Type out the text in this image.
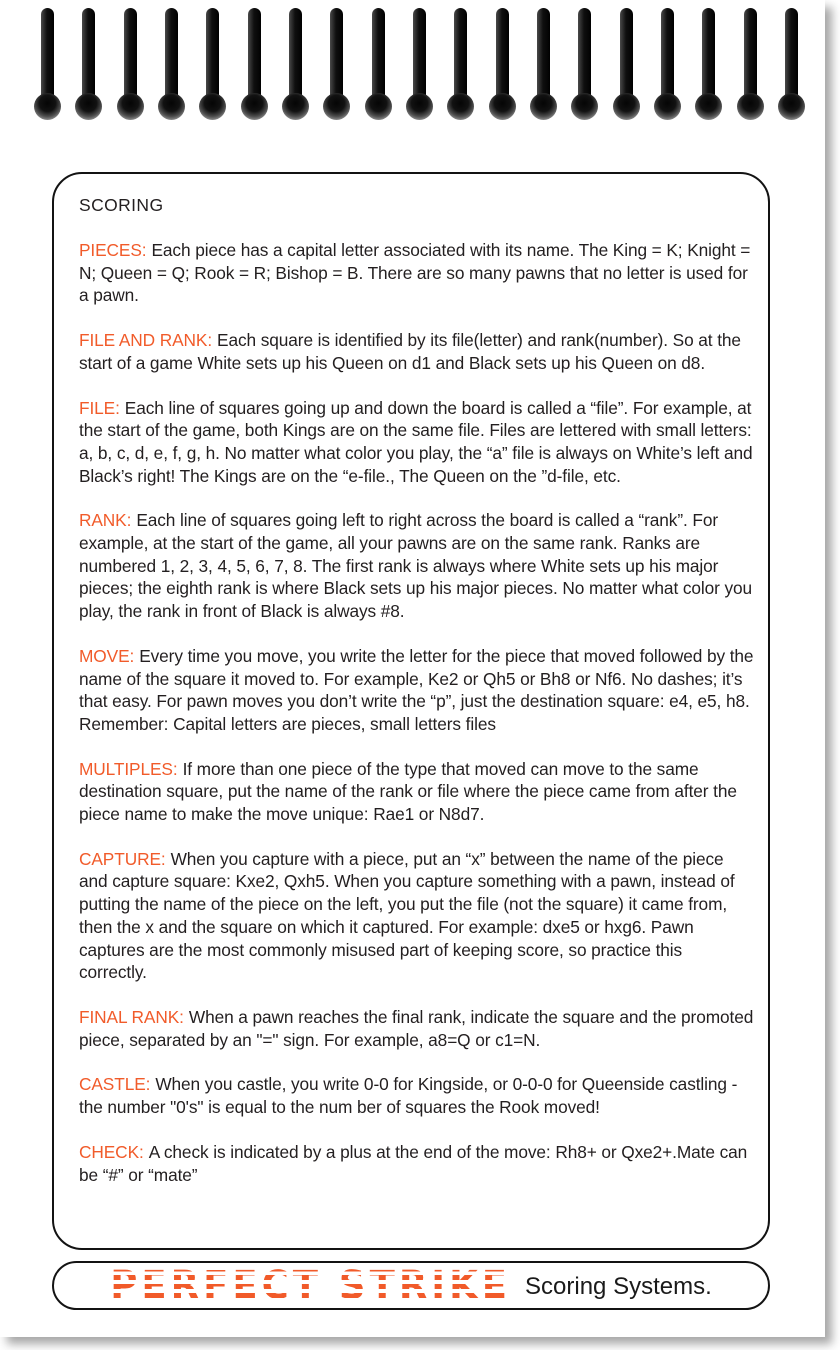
SCORING

PIECES: Each piece has a capital letter associated with its name. The King = K; Knight = N; Queen = Q; Rook = R; Bishop = B. There are so many pawns that no letter is used for a pawn.

FILE AND RANK: Each square is identified by its file(letter) and rank(number). So at the start of a game White sets up his Queen on d1 and Black sets up his Queen on d8.

FILE: Each line of squares going up and down the board is called a “file”. For example, at the start of the game, both Kings are on the same file. Files are lettered with small letters: a, b, c, d, e, f, g, h. No matter what color you play, the “a” file is always on White’s left and Black’s right! The Kings are on the “e-file., The Queen on the ”d-file, etc.

RANK: Each line of squares going left to right across the board is called a “rank”. For example, at the start of the game, all your pawns are on the same rank. Ranks are numbered 1, 2, 3, 4, 5, 6, 7, 8. The first rank is always where White sets up his major pieces; the eighth rank is where Black sets up his major pieces. No matter what color you play, the rank in front of Black is always #8.

MOVE: Every time you move, you write the letter for the piece that moved followed by the name of the square it moved to. For example, Ke2 or Qh5 or Bh8 or Nf6. No dashes; it’s that easy. For pawn moves you don’t write the “p”, just the destination square: e4, e5, h8. Remember: Capital letters are pieces, small letters files

MULTIPLES: If more than one piece of the type that moved can move to the same destination square, put the name of the rank or file where the piece came from after the piece name to make the move unique: Rae1 or N8d7.

CAPTURE: When you capture with a piece, put an “x” between the name of the piece and capture square: Kxe2, Qxh5. When you capture something with a pawn, instead of putting the name of the piece on the left, you put the file (not the square) it came from, then the x and the square on which it captured. For example: dxe5 or hxg6. Pawn captures are the most commonly misused part of keeping score, so practice this correctly.

FINAL RANK: When a pawn reaches the final rank, indicate the square and the promoted piece, separated by an "=" sign. For example, a8=Q or c1=N.

CASTLE: When you castle, you write 0-0 for Kingside, or 0-0-0 for Queenside castling - the number "0's" is equal to the num ber of squares the Rook moved!

CHECK: A check is indicated by a plus at the end of the move: Rh8+ or Qxe2+.Mate can be “#” or “mate”

PERFECT STRIKE Scoring Systems.
